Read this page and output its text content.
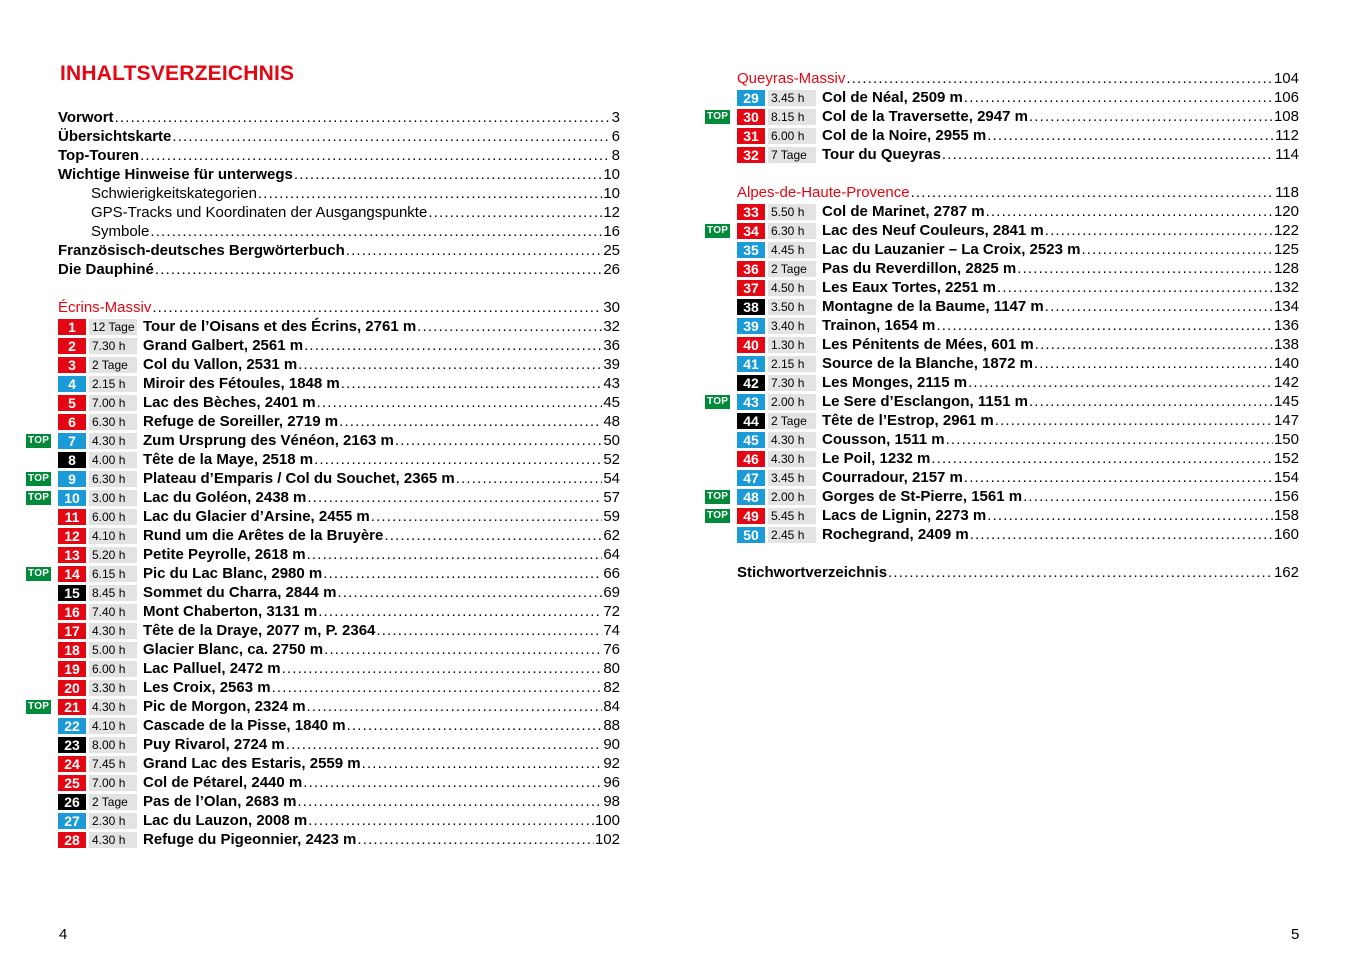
INHALTSVERZEICHNIS
Vorwort . . .	3
Übersichtskarte . . .	6
Top-Touren . . .	8
Wichtige Hinweise für unterwegs . . .	10
Schwierigkeitskategorien . . .	10
GPS-Tracks und Koordinaten der Ausgangspunkte . . .	12
Symbole . . .	16
Französisch-deutsches Bergwörterbuch . . .	25
Die Dauphiné . . .	26
Écrins-Massiv . . .	30
1	12 Tage Tour de l’Oisans et des Écrins, 2761 m . . .	32
2	7.30 h	Grand Galbert, 2561 m . . .	36
3	2 Tage	Col du Vallon, 2531 m . . .	39
4	2.15 h	Miroir des Fétoules, 1848 m . . .	43
5	7.00 h	Lac des Bèches, 2401 m . . .	45
6	6.30 h	Refuge de Soreiller, 2719 m . . .	48
TOP	7	4.30 h	Zum Ursprung des Vénéon, 2163 m . . .	50
8	4.00 h	Tête de la Maye, 2518 m . . .	52
TOP	9	6.30 h	Plateau d’Emparis / Col du Souchet, 2365 m . . .	54
TOP	10	3.00 h	Lac du Goléon, 2438 m . . .	57
11	6.00 h	Lac du Glacier d’Arsine, 2455 m . . .	59
12	4.10 h	Rund um die Arêtes de la Bruyère . . .	62
13	5.20 h	Petite Peyrolle, 2618 m . . .	64
TOP	14	6.15 h	Pic du Lac Blanc, 2980 m . . .	66
15	8.45 h	Sommet du Charra, 2844 m . . .	69
16	7.40 h	Mont Chaberton, 3131 m . . .	72
17	4.30 h	Tête de la Draye, 2077 m, P. 2364 . . .	74
18	5.00 h	Glacier Blanc, ca. 2750 m . . .	76
19	6.00 h	Lac Palluel, 2472 m . . .	80
20	3.30 h	Les Croix, 2563 m . . .	82
TOP	21	4.30 h	Pic de Morgon, 2324 m . . .	84
22	4.10 h	Cascade de la Pisse, 1840 m . . .	88
23	8.00 h	Puy Rivarol, 2724 m . . .	90
24	7.45 h	Grand Lac des Estaris, 2559 m . . .	92
25	7.00 h	Col de Pétarel, 2440 m . . .	96
26	2 Tage	Pas de l’Olan, 2683 m . . .	98
27	2.30 h	Lac du Lauzon, 2008 m . . .	100
28	4.30 h	Refuge du Pigeonnier, 2423 m . . .	102
4
Queyras-Massiv . . .	104
29	3.45 h	Col de Néal, 2509 m . . .	106
TOP	30	8.15 h	Col de la Traversette, 2947 m . . .	108
31	6.00 h	Col de la Noire, 2955 m . . .	112
32	7 Tage	Tour du Queyras . . .	114
Alpes-de-Haute-Provence . . .	118
33	5.50 h	Col de Marinet, 2787 m . . .	120
TOP	34	6.30 h	Lac des Neuf Couleurs, 2841 m . . .	122
35	4.45 h	Lac du Lauzanier – La Croix, 2523 m . . .	125
36	2 Tage	Pas du Reverdillon, 2825 m . . .	128
37	4.50 h	Les Eaux Tortes, 2251 m . . .	132
38	3.50 h	Montagne de la Baume, 1147 m . . .	134
39	3.40 h	Trainon, 1654 m . . .	136
40	1.30 h	Les Pénitents de Mées, 601 m . . .	138
41	2.15 h	Source de la Blanche, 1872 m . . .	140
42	7.30 h	Les Monges, 2115 m . . .	142
TOP	43	2.00 h	Le Sere d’Esclangon, 1151 m . . .	145
44	2 Tage	Tête de l’Estrop, 2961 m . . .	147
45	4.30 h	Cousson, 1511 m . . .	150
46	4.30 h	Le Poil, 1232 m . . .	152
47	3.45 h	Courradour, 2157 m . . .	154
TOP	48	2.00 h	Gorges de St-Pierre, 1561 m . . .	156
TOP	49	5.45 h	Lacs de Lignin, 2273 m . . .	158
50	2.45 h	Rochegrand, 2409 m . . .	160
Stichwortverzeichnis . . .	162
5
